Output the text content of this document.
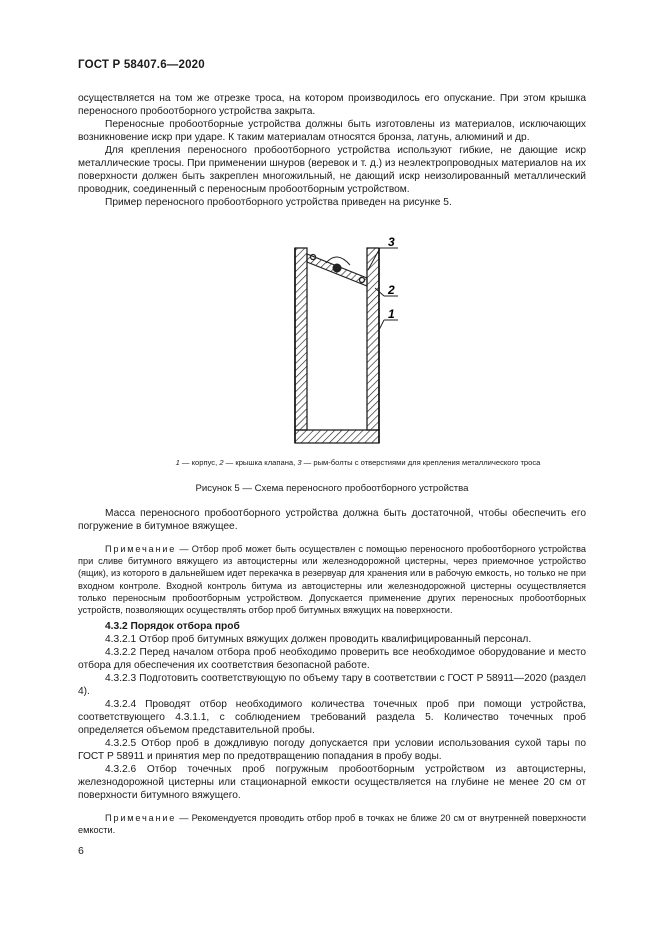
ГОСТ Р 58407.6—2020

осуществляется на том же отрезке троса, на котором производилось его опускание. При этом крышка переносного пробоотборного устройства закрыта.

Переносные пробоотборные устройства должны быть изготовлены из материалов, исключающих возникновение искр при ударе. К таким материалам относятся бронза, латунь, алюминий и др.

Для крепления переносного пробоотборного устройства используют гибкие, не дающие искр металлические тросы. При применении шнуров (веревок и т. д.) из неэлектропроводных материалов на их поверхности должен быть закреплен многожильный, не дающий искр неизолированный металлический проводник, соединенный с переносным пробоотборным устройством.

Пример переносного пробоотборного устройства приведен на рисунке 5.

3
2
1
1 — корпус, 2 — крышка клапана, 3 — рым-болты с отверстиями для крепления металлического троса
Рисунок 5 — Схема переносного пробоотборного устройства

Масса переносного пробоотборного устройства должна быть достаточной, чтобы обеспечить его погружение в битумное вяжущее.

Примечание — Отбор проб может быть осуществлен с помощью переносного пробоотборного устройства при сливе битумного вяжущего из автоцистерны или железнодорожной цистерны, через приемочное устройство (ящик), из которого в дальнейшем идет перекачка в резервуар для хранения или в рабочую емкость, но только не при входном контроле. Входной контроль битума из автоцистерны или железнодорожной цистерны осуществляется только переносным пробоотборным устройством. Допускается применение других переносных пробоотборных устройств, позволяющих осуществлять отбор проб битумных вяжущих на поверхности.

4.3.2 Порядок отбора проб

4.3.2.1 Отбор проб битумных вяжущих должен проводить квалифицированный персонал.

4.3.2.2 Перед началом отбора проб необходимо проверить все необходимое оборудование и место отбора для обеспечения их соответствия безопасной работе.

4.3.2.3 Подготовить соответствующую по объему тару в соответствии с ГОСТ Р 58911—2020 (раздел 4).

4.3.2.4 Проводят отбор необходимого количества точечных проб при помощи устройства, соответствующего 4.3.1.1, с соблюдением требований раздела 5. Количество точечных проб определяется объемом представительной пробы.

4.3.2.5 Отбор проб в дождливую погоду допускается при условии использования сухой тары по ГОСТ Р 58911 и принятия мер по предотвращению попадания в пробу воды.

4.3.2.6 Отбор точечных проб погружным пробоотборным устройством из автоцистерны, железнодорожной цистерны или стационарной емкости осуществляется на глубине не менее 20 см от поверхности битумного вяжущего.

Примечание — Рекомендуется проводить отбор проб в точках не ближе 20 см от внутренней поверхности емкости.

6
